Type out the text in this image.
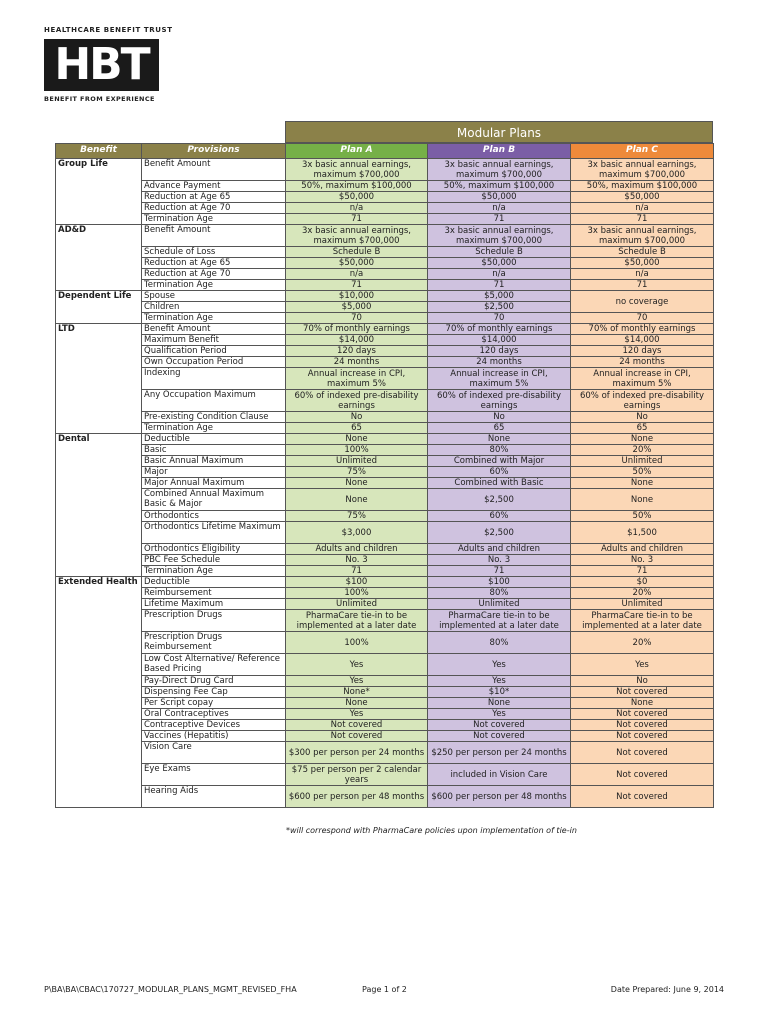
HEALTHCARE BENEFIT TRUST
HBT
BENEFIT FROM EXPERIENCE
Modular Plans
Benefit	Provisions	Plan A	Plan B	Plan C
Group Life	Benefit Amount	3x basic annual earnings, maximum $700,000	3x basic annual earnings, maximum $700,000	3x basic annual earnings, maximum $700,000
	Advance Payment	50%, maximum $100,000	50%, maximum $100,000	50%, maximum $100,000
	Reduction at Age 65	$50,000	$50,000	$50,000
	Reduction at Age 70	n/a	n/a	n/a
	Termination Age	71	71	71
AD&D	Benefit Amount	3x basic annual earnings, maximum $700,000	3x basic annual earnings, maximum $700,000	3x basic annual earnings, maximum $700,000
	Schedule of Loss	Schedule B	Schedule B	Schedule B
	Reduction at Age 65	$50,000	$50,000	$50,000
	Reduction at Age 70	n/a	n/a	n/a
	Termination Age	71	71	71
Dependent Life	Spouse	$10,000	$5,000	no coverage
	Children	$5,000	$2,500	
	Termination Age	70	70	70
LTD	Benefit Amount	70% of monthly earnings	70% of monthly earnings	70% of monthly earnings
	Maximum Benefit	$14,000	$14,000	$14,000
	Qualification Period	120 days	120 days	120 days
	Own Occupation Period	24 months	24 months	24 months
	Indexing	Annual increase in CPI, maximum 5%	Annual increase in CPI, maximum 5%	Annual increase in CPI, maximum 5%
	Any Occupation Maximum	60% of indexed pre-disability earnings	60% of indexed pre-disability earnings	60% of indexed pre-disability earnings
	Pre-existing Condition Clause	No	No	No
	Termination Age	65	65	65
Dental	Deductible	None	None	None
	Basic	100%	80%	20%
	Basic Annual Maximum	Unlimited	Combined with Major	Unlimited
	Major	75%	60%	50%
	Major Annual Maximum	None	Combined with Basic	None
	Combined Annual Maximum Basic & Major	None	$2,500	None
	Orthodontics	75%	60%	50%
	Orthodontics Lifetime Maximum	$3,000	$2,500	$1,500
	Orthodontics Eligibility	Adults and children	Adults and children	Adults and children
	PBC Fee Schedule	No. 3	No. 3	No. 3
	Termination Age	71	71	71
Extended Health	Deductible	$100	$100	$0
	Reimbursement	100%	80%	20%
	Lifetime Maximum	Unlimited	Unlimited	Unlimited
	Prescription Drugs	PharmaCare tie-in to be implemented at a later date	PharmaCare tie-in to be implemented at a later date	PharmaCare tie-in to be implemented at a later date
	Prescription Drugs Reimbursement	100%	80%	20%
	Low Cost Alternative/ Reference Based Pricing	Yes	Yes	Yes
	Pay-Direct Drug Card	Yes	Yes	No
	Dispensing Fee Cap	None*	$10*	Not covered
	Per Script copay	None	None	None
	Oral Contraceptives	Yes	Yes	Not covered
	Contraceptive Devices	Not covered	Not covered	Not covered
	Vaccines (Hepatitis)	Not covered	Not covered	Not covered
	Vision Care	$300 per person per 24 months	$250 per person per 24 months	Not covered
	Eye Exams	$75 per person per 2 calendar years	included in Vision Care	Not covered
	Hearing Aids	$600 per person per 48 months	$600 per person per 48 months	Not covered
*will correspond with PharmaCare policies upon implementation of tie-in
P\BA\BA\CBAC\170727_MODULAR_PLANS_MGMT_REVISED_FHA	Page 1 of 2	Date Prepared: June 9, 2014
